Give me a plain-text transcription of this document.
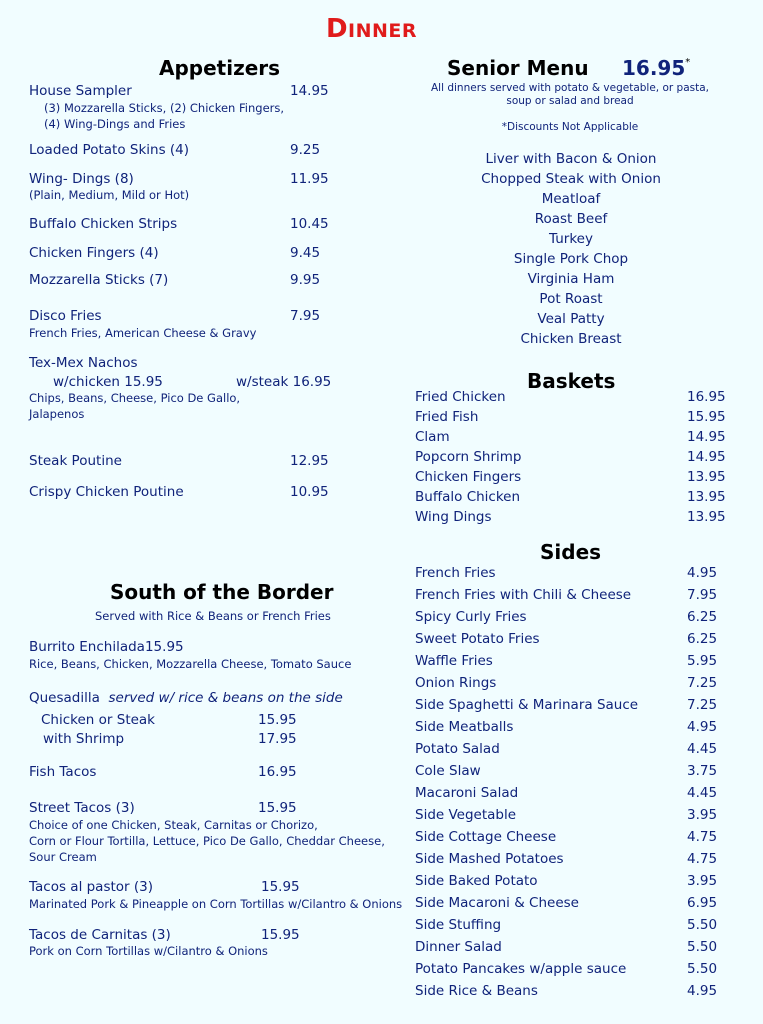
DINNER
Appetizers
House Sampler	14.95
(3) Mozzarella Sticks, (2) Chicken Fingers,
(4) Wing-Dings and Fries
Loaded Potato Skins (4)	9.25
Wing- Dings (8)	11.95
(Plain, Medium, Mild or Hot)
Buffalo Chicken Strips	10.45
Chicken Fingers (4)	9.45
Mozzarella Sticks (7)	9.95
Disco Fries	7.95
French Fries, American Cheese & Gravy
Tex-Mex Nachos
w/chicken 15.95	w/steak 16.95
Chips, Beans, Cheese, Pico De Gallo,
Jalapenos
Steak Poutine	12.95
Crispy Chicken Poutine	10.95
Senior Menu 16.95*
All dinners served with potato & vegetable, or pasta,
soup or salad and bread
*Discounts Not Applicable
Liver with Bacon & Onion
Chopped Steak with Onion
Meatloaf
Roast Beef
Turkey
Single Pork Chop
Virginia Ham
Pot Roast
Veal Patty
Chicken Breast
Baskets
Fried Chicken	16.95
Fried Fish	15.95
Clam	14.95
Popcorn Shrimp	14.95
Chicken Fingers	13.95
Buffalo Chicken	13.95
Wing Dings	13.95
Sides
French Fries	4.95
French Fries with Chili & Cheese	7.95
Spicy Curly Fries	6.25
Sweet Potato Fries	6.25
Waffle Fries	5.95
Onion Rings	7.25
Side Spaghetti & Marinara Sauce	7.25
Side Meatballs	4.95
Potato Salad	4.45
Cole Slaw	3.75
Macaroni Salad	4.45
Side Vegetable	3.95
Side Cottage Cheese	4.75
Side Mashed Potatoes	4.75
Side Baked Potato	3.95
Side Macaroni & Cheese	6.95
Side Stuffing	5.50
Dinner Salad	5.50
Potato Pancakes w/apple sauce	5.50
Side Rice & Beans	4.95
South of the Border
Served with Rice & Beans or French Fries
Burrito Enchilada15.95
Rice, Beans, Chicken, Mozzarella Cheese, Tomato Sauce
Quesadilla served w/ rice & beans on the side
Chicken or Steak	15.95
with Shrimp	17.95
Fish Tacos	16.95
Street Tacos (3)	15.95
Choice of one Chicken, Steak, Carnitas or Chorizo,
Corn or Flour Tortilla, Lettuce, Pico De Gallo, Cheddar Cheese,
Sour Cream
Tacos al pastor (3)	15.95
Marinated Pork & Pineapple on Corn Tortillas w/Cilantro & Onions
Tacos de Carnitas (3)	15.95
Pork on Corn Tortillas w/Cilantro & Onions
